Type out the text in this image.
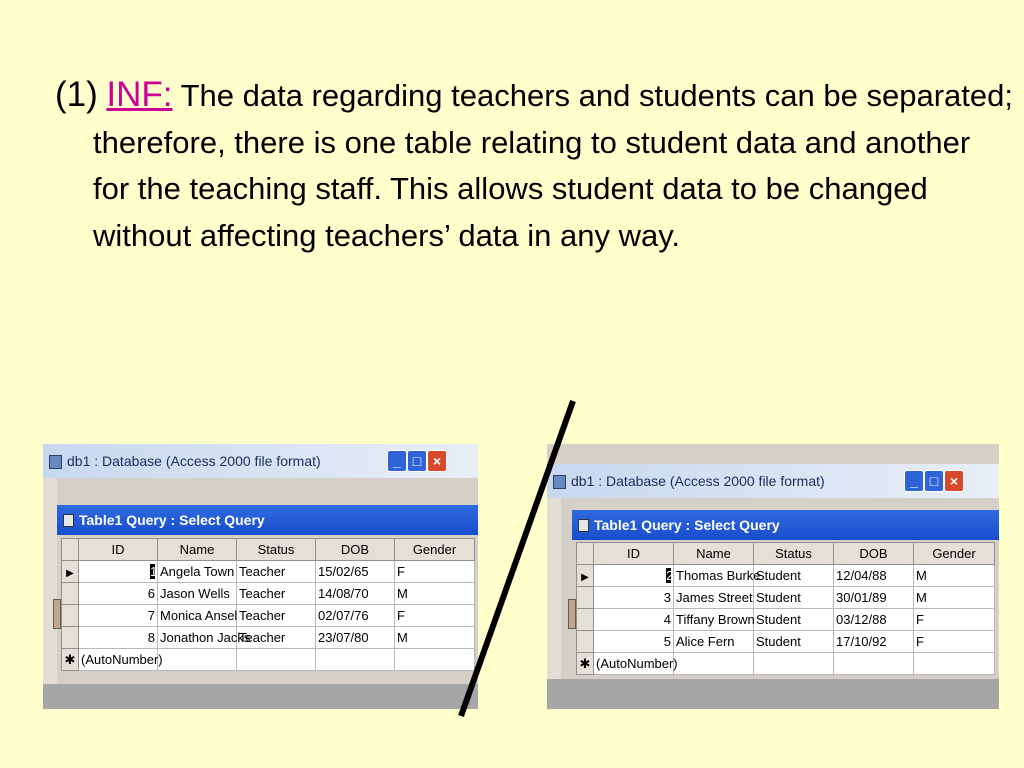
(1) INF: The data regarding teachers and students can be separated; therefore, there is one table relating to student data and another for the teaching staff. This allows student data to be changed without affecting teachers’ data in any way.
db1 : Database (Access 2000 file format)	_ □ ×
Table1 Query : Select Query
	ID	Name	Status	DOB	Gender
▶	1	Angela Town	Teacher	15/02/65	F
	6	Jason Wells	Teacher	14/08/70	M
	7	Monica Ansel	Teacher	02/07/76	F
	8	Jonathon Jacks	Teacher	23/07/80	M
✱	(AutoNumber)				
db1 : Database (Access 2000 file format)	_ □ ×
Table1 Query : Select Query
	ID	Name	Status	DOB	Gender
▶	2	Thomas Burke	Student	12/04/88	M
	3	James Street	Student	30/01/89	M
	4	Tiffany Brown	Student	03/12/88	F
	5	Alice Fern	Student	17/10/92	F
✱	(AutoNumber)				
